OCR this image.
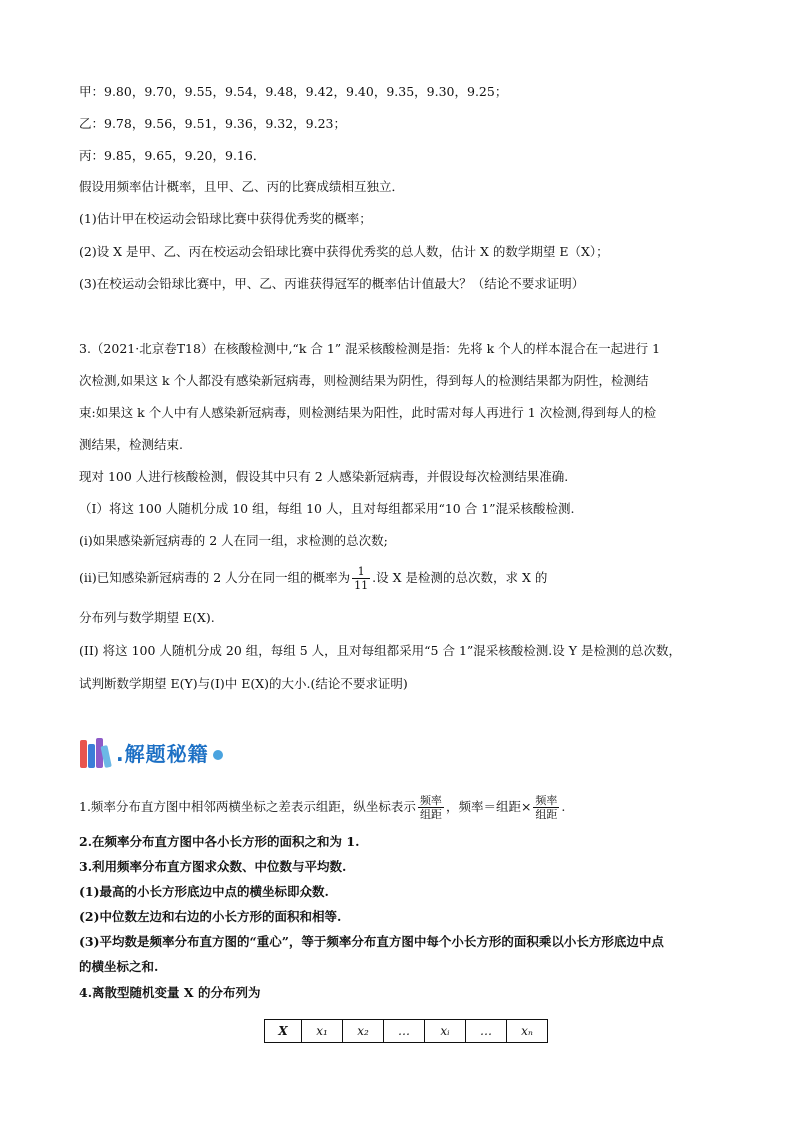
甲：9.80，9.70，9.55，9.54，9.48，9.42，9.40，9.35，9.30，9.25；
乙：9.78，9.56，9.51，9.36，9.32，9.23；
丙：9.85，9.65，9.20，9.16．
假设用频率估计概率，且甲、乙、丙的比赛成绩相互独立．
(1)估计甲在校运动会铅球比赛中获得优秀奖的概率；
(2)设 X 是甲、乙、丙在校运动会铅球比赛中获得优秀奖的总人数，估计 X 的数学期望 E（X）；
(3)在校运动会铅球比赛中，甲、乙、丙谁获得冠军的概率估计值最大？（结论不要求证明）
3.（2021·北京卷T18）在核酸检测中,“k 合 1” 混采核酸检测是指：先将 k 个人的样本混合在一起进行 1
次检测,如果这 k 个人都没有感染新冠病毒，则检测结果为阴性，得到每人的检测结果都为阴性，检测结
束:如果这 k 个人中有人感染新冠病毒，则检测结果为阳性，此时需对每人再进行 1 次检测,得到每人的检
测结果，检测结束.
现对 100 人进行核酸检测，假设其中只有 2 人感染新冠病毒，并假设每次检测结果准确.
（I）将这 100 人随机分成 10 组，每组 10 人，且对每组都采用“10 合 1”混采核酸检测.
(i)如果感染新冠病毒的 2 人在同一组，求检测的总次数;
(ii)已知感染新冠病毒的 2 人分在同一组的概率为 $\frac{1}{11}$ .设 X 是检测的总次数，求 X 的
分布列与数学期望 E(X).
(II) 将这 100 人随机分成 20 组，每组 5 人，且对每组都采用“5 合 1”混采核酸检测.设 Y 是检测的总次数，
试判断数学期望 E(Y)与(I)中 E(X)的大小.(结论不要求证明)
.解题秘籍
1.频率分布直方图中相邻两横坐标之差表示组距，纵坐标表示 $\frac{\text{频率}}{\text{组距}}$ ，频率＝组距× $\frac{\text{频率}}{\text{组距}}$ .
2.在频率分布直方图中各小长方形的面积之和为 1.
3.利用频率分布直方图求众数、中位数与平均数.
(1)最高的小长方形底边中点的横坐标即众数.
(2)中位数左边和右边的小长方形的面积和相等.
(3)平均数是频率分布直方图的“重心”，等于频率分布直方图中每个小长方形的面积乘以小长方形底边中点
的横坐标之和.
4.离散型随机变量 X 的分布列为
X	x₁	x₂	…	xᵢ	…	xₙ
